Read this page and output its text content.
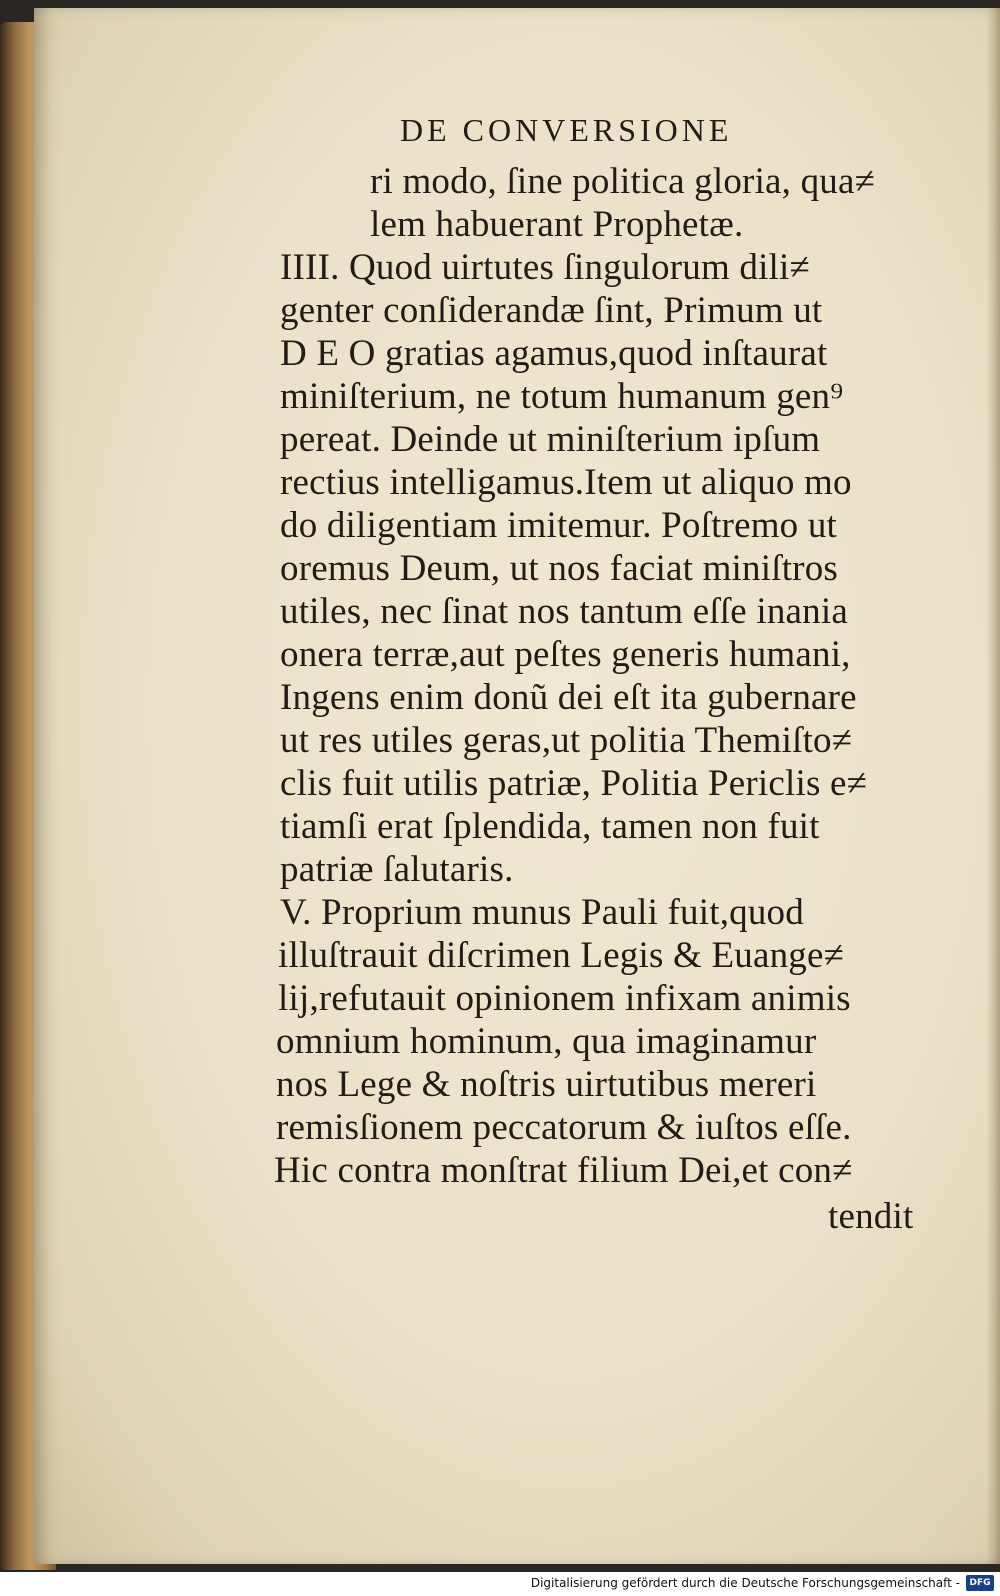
DE CONVERSIONE
ri modo, ſine politica gloria, qua≠
lem habuerant Prophetæ.
IIII. Quod uirtutes ſingulorum dili≠
genter conſiderandæ ſint, Primum ut
D E O gratias agamus,quod inſtaurat
miniſterium, ne totum humanum gen⁹
pereat. Deinde ut miniſterium ipſum
rectius intelligamus.Item ut aliquo mo
do diligentiam imitemur. Poſtremo ut
oremus Deum, ut nos faciat miniſtros
utiles, nec ſinat nos tantum eſſe inania
onera terræ,aut peſtes generis humani,
Ingens enim donũ dei eſt ita gubernare
ut res utiles geras,ut politia Themiſto≠
clis fuit utilis patriæ, Politia Periclis e≠
tiamſi erat ſplendida, tamen non fuit
patriæ ſalutaris.
V. Proprium munus Pauli fuit,quod
illuſtrauit diſcrimen Legis & Euange≠
lij,refutauit opinionem infixam animis
omnium hominum, qua imaginamur
nos Lege & noſtris uirtutibus mereri
remisſionem peccatorum & iuſtos eſſe.
Hic contra monſtrat filium Dei,et con≠
tendit
Digitalisierung gefördert durch die Deutsche Forschungsgemeinschaft -	DFG
